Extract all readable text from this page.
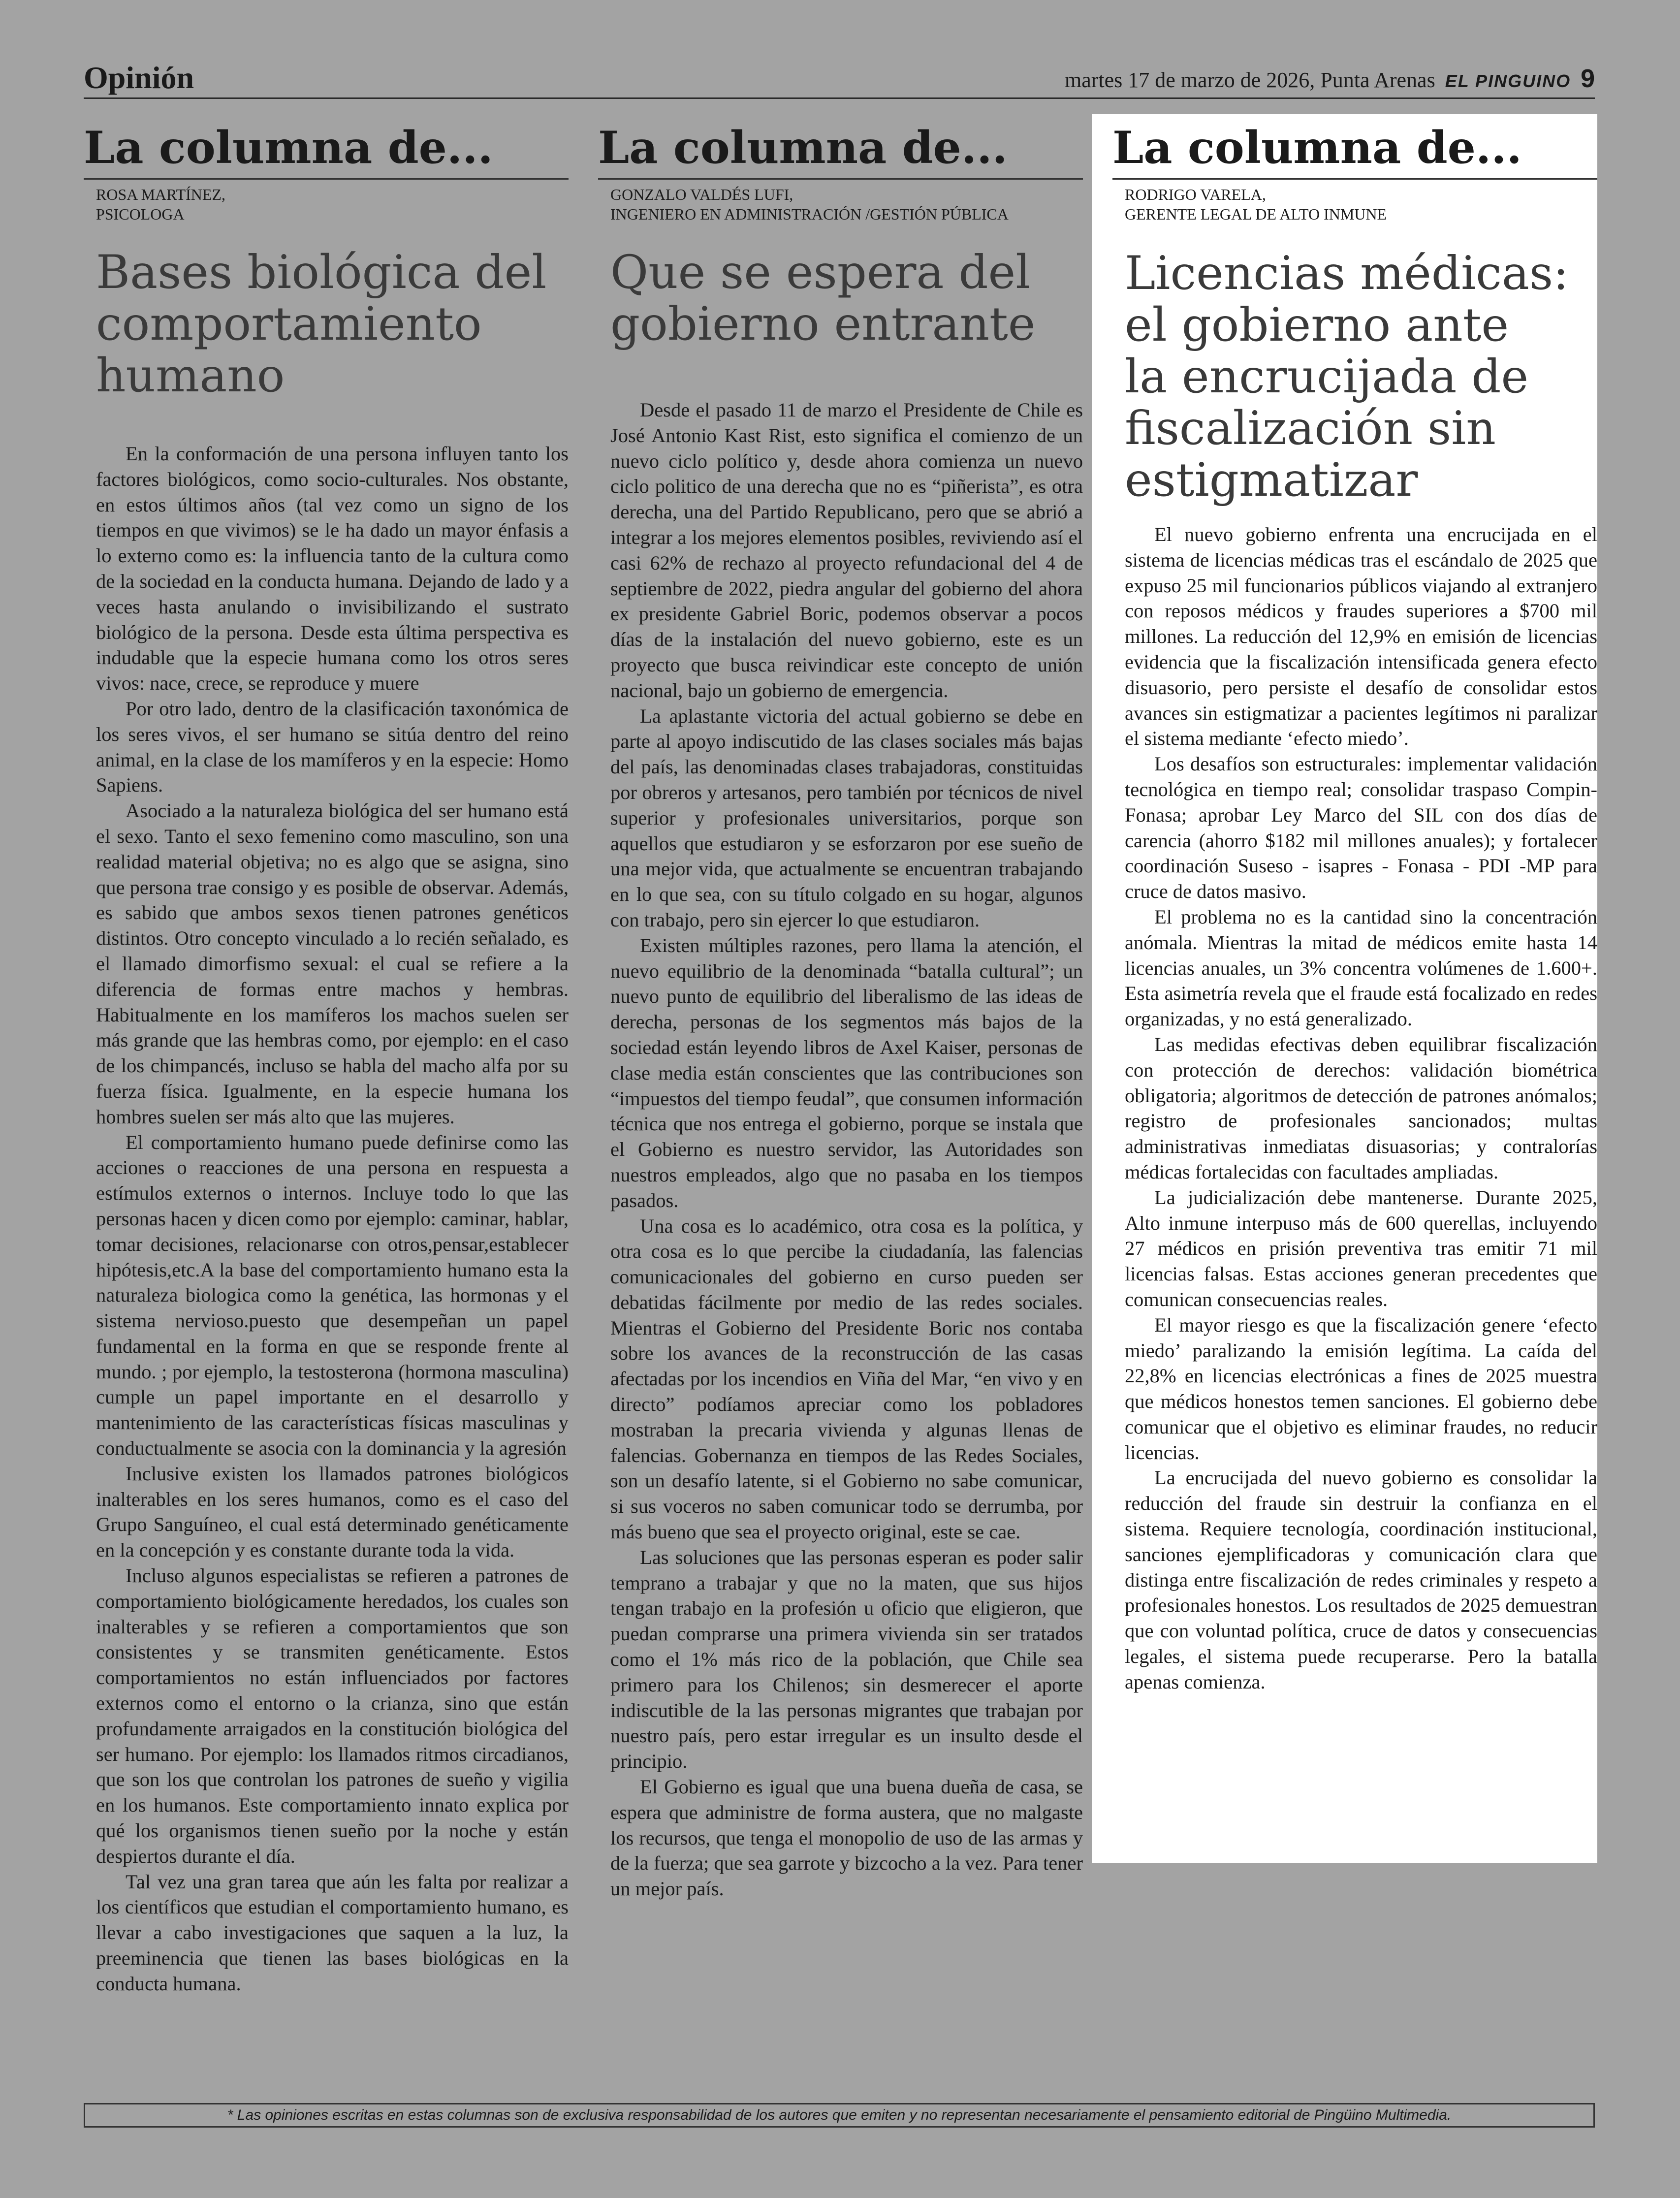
Opinión	martes 17 de marzo de 2026, Punta Arenas EL PINGUINO 9
La columna de...
ROSA MARTÍNEZ,
PSICOLOGA
Bases biológica del
comportamiento
humano

En la conformación de una persona influyen tanto los factores biológicos, como socio-culturales. Nos obstante, en estos últimos años (tal vez como un signo de los tiempos en que vivimos) se le ha dado un mayor énfasis a lo externo como es: la influencia tanto de la cultura como de la sociedad en la conducta humana. Dejando de lado y a veces hasta anulando o invisibilizando el sustrato biológico de la persona. Desde esta última perspectiva es indudable que la especie humana como los otros seres vivos: nace, crece, se reproduce y muere

Por otro lado, dentro de la clasificación taxonómica de los seres vivos, el ser humano se sitúa dentro del reino animal, en la clase de los mamíferos y en la especie: Homo Sapiens.

Asociado a la naturaleza biológica del ser humano está el sexo. Tanto el sexo femenino como masculino, son una realidad material objetiva; no es algo que se asigna, sino que persona trae consigo y es posible de observar. Además, es sabido que ambos sexos tienen patrones genéticos distintos. Otro concepto vinculado a lo recién señalado, es el llamado dimorfismo sexual: el cual se refiere a la diferencia de formas entre machos y hembras. Habitualmente en los mamíferos los machos suelen ser más grande que las hembras como, por ejemplo: en el caso de los chimpancés, incluso se habla del macho alfa por su fuerza física. Igualmente, en la especie humana los hombres suelen ser más alto que las mujeres.

El comportamiento humano puede definirse como las acciones o reacciones de una persona en respuesta a estímulos externos o internos. Incluye todo lo que las personas hacen y dicen como por ejemplo: caminar, hablar, tomar decisiones, relacionarse con otros,pensar,establecer hipótesis,etc.A la base del comportamiento humano esta la naturaleza biologica como la genética, las hormonas y el sistema nervioso.puesto que desempeñan un papel fundamental en la forma en que se responde frente al mundo. ; por ejemplo, la testosterona (hormona masculina) cumple un papel importante en el desarrollo y mantenimiento de las características físicas masculinas y conductualmente se asocia con la dominancia y la agresión

Inclusive existen los llamados patrones biológicos inalterables en los seres humanos, como es el caso del Grupo Sanguíneo, el cual está determinado genéticamente en la concepción y es constante durante toda la vida.

Incluso algunos especialistas se refieren a patrones de comportamiento biológicamente heredados, los cuales son inalterables y se refieren a comportamientos que son consistentes y se transmiten genéticamente. Estos comportamientos no están influenciados por factores externos como el entorno o la crianza, sino que están profundamente arraigados en la constitución biológica del ser humano. Por ejemplo: los llamados ritmos circadianos, que son los que controlan los patrones de sueño y vigilia en los humanos. Este comportamiento innato explica por qué los organismos tienen sueño por la noche y están despiertos durante el día.

Tal vez una gran tarea que aún les falta por realizar a los científicos que estudian el comportamiento humano, es llevar a cabo investigaciones que saquen a la luz, la preeminencia que tienen las bases biológicas en la conducta humana.

La columna de...
GONZALO VALDÉS LUFI,
INGENIERO EN ADMINISTRACIÓN /GESTIÓN PÚBLICA
Que se espera del
gobierno entrante

Desde el pasado 11 de marzo el Presidente de Chile es José Antonio Kast Rist, esto significa el comienzo de un nuevo ciclo político y, desde ahora comienza un nuevo ciclo politico de una derecha que no es “piñerista”, es otra derecha, una del Partido Republicano, pero que se abrió a integrar a los mejores elementos posibles, reviviendo así el casi 62% de rechazo al proyecto refundacional del 4 de septiembre de 2022, piedra angular del gobierno del ahora ex presidente Gabriel Boric, podemos observar a pocos días de la instalación del nuevo gobierno, este es un proyecto que busca reivindicar este concepto de unión nacional, bajo un gobierno de emergencia.

La aplastante victoria del actual gobierno se debe en parte al apoyo indiscutido de las clases sociales más bajas del país, las denominadas clases trabajadoras, constituidas por obreros y artesanos, pero también por técnicos de nivel superior y profesionales universitarios, porque son aquellos que estudiaron y se esforzaron por ese sueño de una mejor vida, que actualmente se encuentran trabajando en lo que sea, con su título colgado en su hogar, algunos con trabajo, pero sin ejercer lo que estudiaron.

Existen múltiples razones, pero llama la atención, el nuevo equilibrio de la denominada “batalla cultural”; un nuevo punto de equilibrio del liberalismo de las ideas de derecha, personas de los segmentos más bajos de la sociedad están leyendo libros de Axel Kaiser, personas de clase media están conscientes que las contribuciones son “impuestos del tiempo feudal”, que consumen información técnica que nos entrega el gobierno, porque se instala que el Gobierno es nuestro servidor, las Autoridades son nuestros empleados, algo que no pasaba en los tiempos pasados.

Una cosa es lo académico, otra cosa es la política, y otra cosa es lo que percibe la ciudadanía, las falencias comunicacionales del gobierno en curso pueden ser debatidas fácilmente por medio de las redes sociales. Mientras el Gobierno del Presidente Boric nos contaba sobre los avances de la reconstrucción de las casas afectadas por los incendios en Viña del Mar, “en vivo y en directo” podíamos apreciar como los pobladores mostraban la precaria vivienda y algunas llenas de falencias. Gobernanza en tiempos de las Redes Sociales, son un desafío latente, si el Gobierno no sabe comunicar, si sus voceros no saben comunicar todo se derrumba, por más bueno que sea el proyecto original, este se cae.

Las soluciones que las personas esperan es poder salir temprano a trabajar y que no la maten, que sus hijos tengan trabajo en la profesión u oficio que eligieron, que puedan comprarse una primera vivienda sin ser tratados como el 1% más rico de la población, que Chile sea primero para los Chilenos; sin desmerecer el aporte indiscutible de la las personas migrantes que trabajan por nuestro país, pero estar irregular es un insulto desde el principio.

El Gobierno es igual que una buena dueña de casa, se espera que administre de forma austera, que no malgaste los recursos, que tenga el monopolio de uso de las armas y de la fuerza; que sea garrote y bizcocho a la vez. Para tener un mejor país.

La columna de...
RODRIGO VARELA,
GERENTE LEGAL DE ALTO INMUNE
Licencias médicas:
el gobierno ante
la encrucijada de
fiscalización sin
estigmatizar

El nuevo gobierno enfrenta una encrucijada en el sistema de licencias médicas tras el escándalo de 2025 que expuso 25 mil funcionarios públicos viajando al extranjero con reposos médicos y fraudes superiores a $700 mil millones. La reducción del 12,9% en emisión de licencias evidencia que la fiscalización intensificada genera efecto disuasorio, pero persiste el desafío de consolidar estos avances sin estigmatizar a pacientes legítimos ni paralizar el sistema mediante ‘efecto miedo’.

Los desafíos son estructurales: implementar validación tecnológica en tiempo real; consolidar traspaso Compin-Fonasa; aprobar Ley Marco del SIL con dos días de carencia (ahorro $182 mil millones anuales); y fortalecer coordinación Suseso - isapres - Fonasa - PDI -MP para cruce de datos masivo.

El problema no es la cantidad sino la concentración anómala. Mientras la mitad de médicos emite hasta 14 licencias anuales, un 3% concentra volúmenes de 1.600+. Esta asimetría revela que el fraude está focalizado en redes organizadas, y no está generalizado.

Las medidas efectivas deben equilibrar fiscalización con protección de derechos: validación biométrica obligatoria; algoritmos de detección de patrones anómalos; registro de profesionales sancionados; multas administrativas inmediatas disuasorias; y contralorías médicas fortalecidas con facultades ampliadas.

La judicialización debe mantenerse. Durante 2025, Alto inmune interpuso más de 600 querellas, incluyendo 27 médicos en prisión preventiva tras emitir 71 mil licencias falsas. Estas acciones generan precedentes que comunican consecuencias reales.

El mayor riesgo es que la fiscalización genere ‘efecto miedo’ paralizando la emisión legítima. La caída del 22,8% en licencias electrónicas a fines de 2025 muestra que médicos honestos temen sanciones. El gobierno debe comunicar que el objetivo es eliminar fraudes, no reducir licencias.

La encrucijada del nuevo gobierno es consolidar la reducción del fraude sin destruir la confianza en el sistema. Requiere tecnología, coordinación institucional, sanciones ejemplificadoras y comunicación clara que distinga entre fiscalización de redes criminales y respeto a profesionales honestos. Los resultados de 2025 demuestran que con voluntad política, cruce de datos y consecuencias legales, el sistema puede recuperarse. Pero la batalla apenas comienza.

* Las opiniones escritas en estas columnas son de exclusiva responsabilidad de los autores que emiten y no representan necesariamente el pensamiento editorial de Pingüino Multimedia.
